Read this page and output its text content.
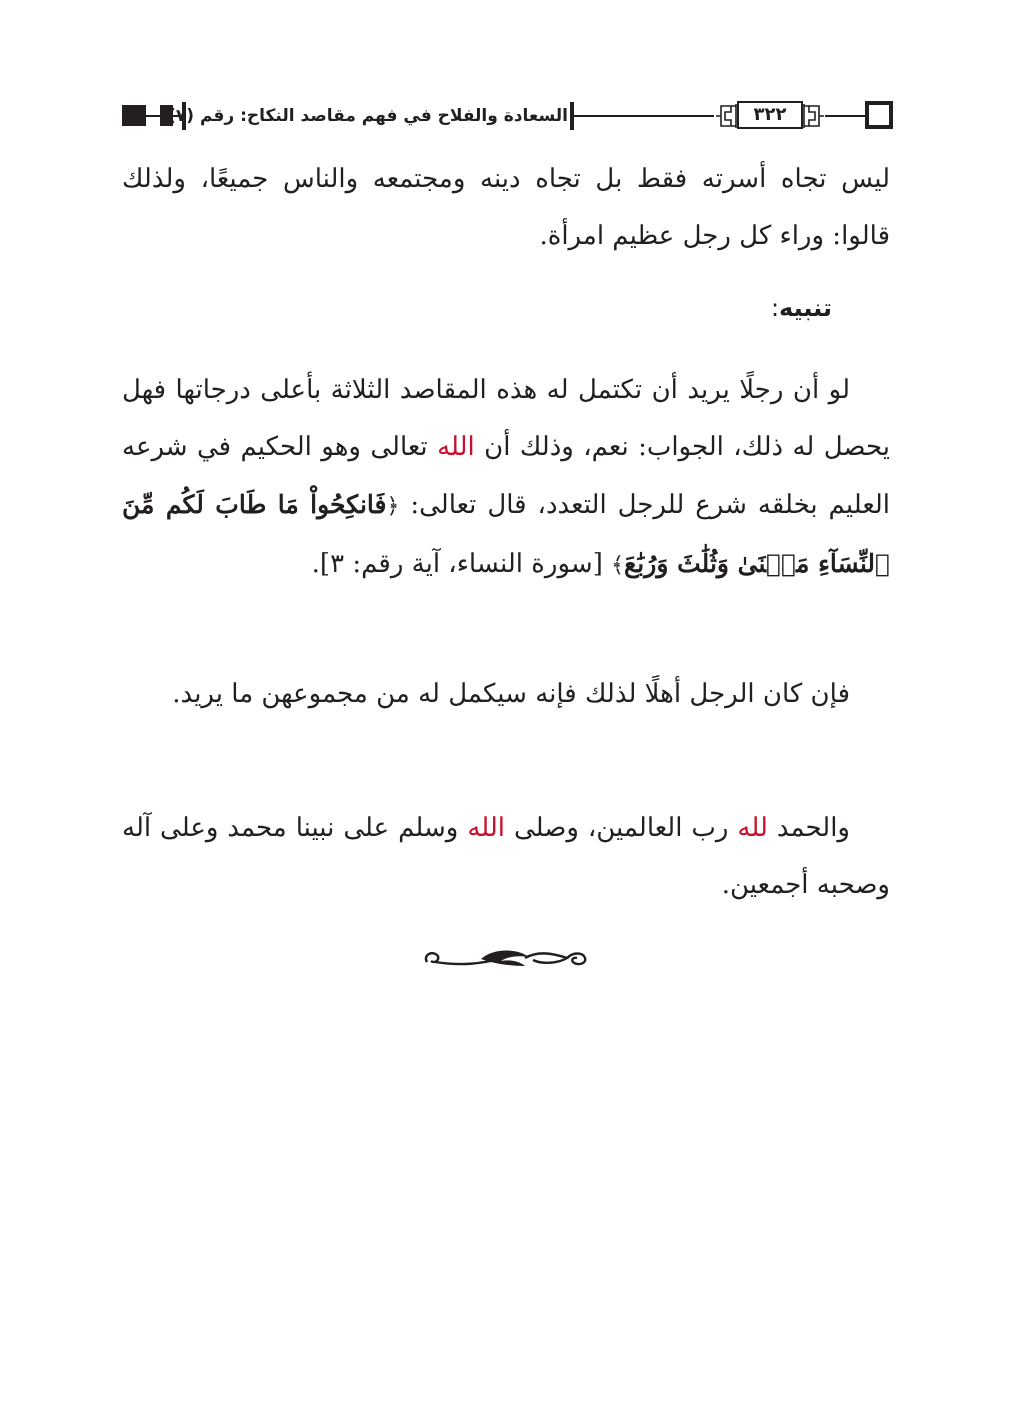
السعادة والفلاح في فهم مقاصد النكاح: رقم (٧)	٣٢٢
ليس تجاه أسرته فقط بل تجاه دينه ومجتمعه والناس جميعًا، ولذلك قالوا: وراء كل رجل عظيم امرأة.
تنبيه:
لو أن رجلًا يريد أن تكتمل له هذه المقاصد الثلاثة بأعلى درجاتها فهل يحصل له ذلك، الجواب: نعم، وذلك أن الله تعالى وهو الحكيم في شرعه العليم بخلقه شرع للرجل التعدد، قال تعالى: ﴿فَانكِحُواْ مَا طَابَ لَكُم مِّنَ ٱلنِّسَآءِ مَثۡنَىٰ وَثُلَٰثَ وَرُبَٰعَ﴾ [سورة النساء، آية رقم: ٣].
فإن كان الرجل أهلًا لذلك فإنه سيكمل له من مجموعهن ما يريد.
والحمد لله رب العالمين، وصلى الله وسلم على نبينا محمد وعلى آله وصحبه أجمعين.
